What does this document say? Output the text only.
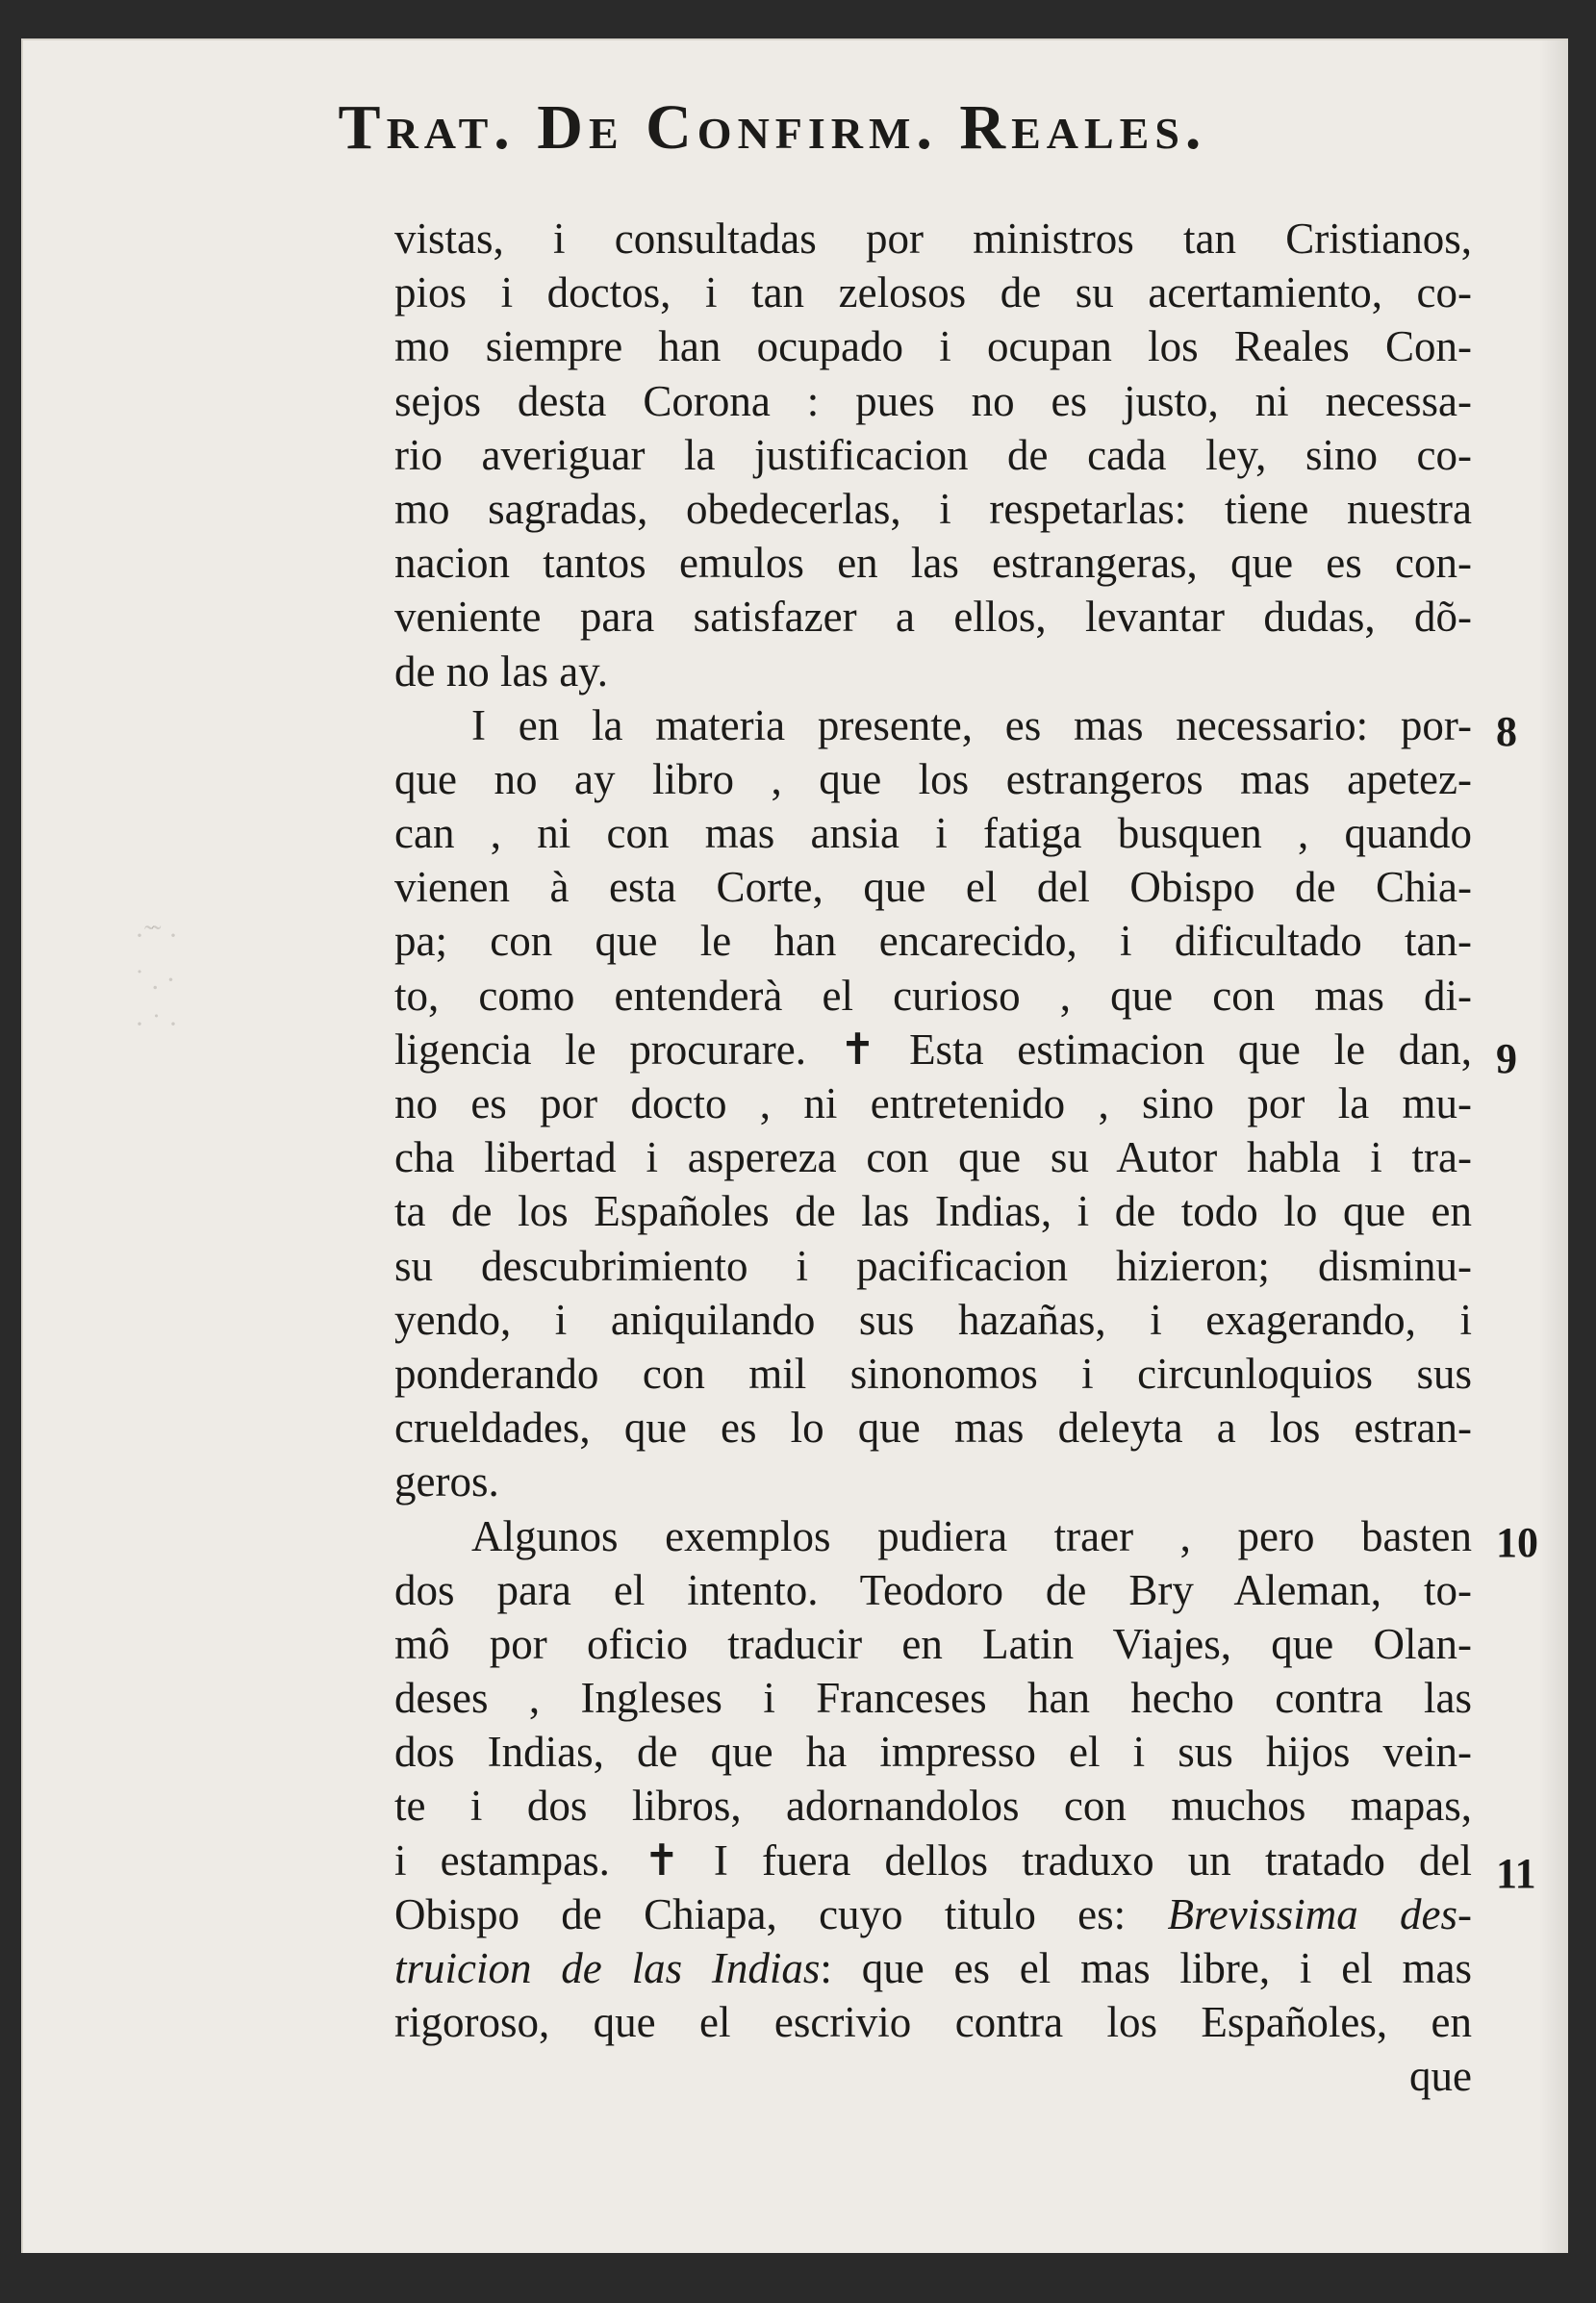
·̃ ˜ ·
˙ . ·
· ˙ ·
Trat. De Confirm. Reales.
vistas, i consultadas por ministros tan Cristianos,
pios i doctos, i tan zelosos de su acertamiento, co-
mo siempre han ocupado i ocupan los Reales Con-
sejos desta Corona : pues no es justo, ni necessa-
rio averiguar la justificacion de cada ley, sino co-
mo sagradas, obedecerlas, i respetarlas: tiene nuestra
nacion tantos emulos en las estrangeras, que es con-
veniente para satisfazer a ellos, levantar dudas, dõ-
de no las ay.
I en la materia presente, es mas necessario: por-
que no ay libro , que los estrangeros mas apetez-
can , ni con mas ansia i fatiga busquen , quando
vienen à esta Corte, que el del Obispo de Chia-
pa; con que le han encarecido, i dificultado tan-
to, como entenderà el curioso , que con mas di-
ligencia le procurare. ✝ Esta estimacion que le dan,
no es por docto , ni entretenido , sino por la mu-
cha libertad i aspereza con que su Autor habla i tra-
ta de los Españoles de las Indias, i de todo lo que en
su descubrimiento i pacificacion hizieron; disminu-
yendo, i aniquilando sus hazañas, i exagerando, i
ponderando con mil sinonomos i circunloquios sus
crueldades, que es lo que mas deleyta a los estran-
geros.
Algunos exemplos pudiera traer , pero basten
dos para el intento. Teodoro de Bry Aleman, to-
mô por oficio traducir en Latin Viajes, que Olan-
deses , Ingleses i Franceses han hecho contra las
dos Indias, de que ha impresso el i sus hijos vein-
te i dos libros, adornandolos con muchos mapas,
i estampas. ✝ I fuera dellos traduxo un tratado del
Obispo de Chiapa, cuyo titulo es: Brevissima des-
truicion de las Indias: que es el mas libre, i el mas
rigoroso, que el escrivio contra los Españoles, en
que
8
9
10
11
